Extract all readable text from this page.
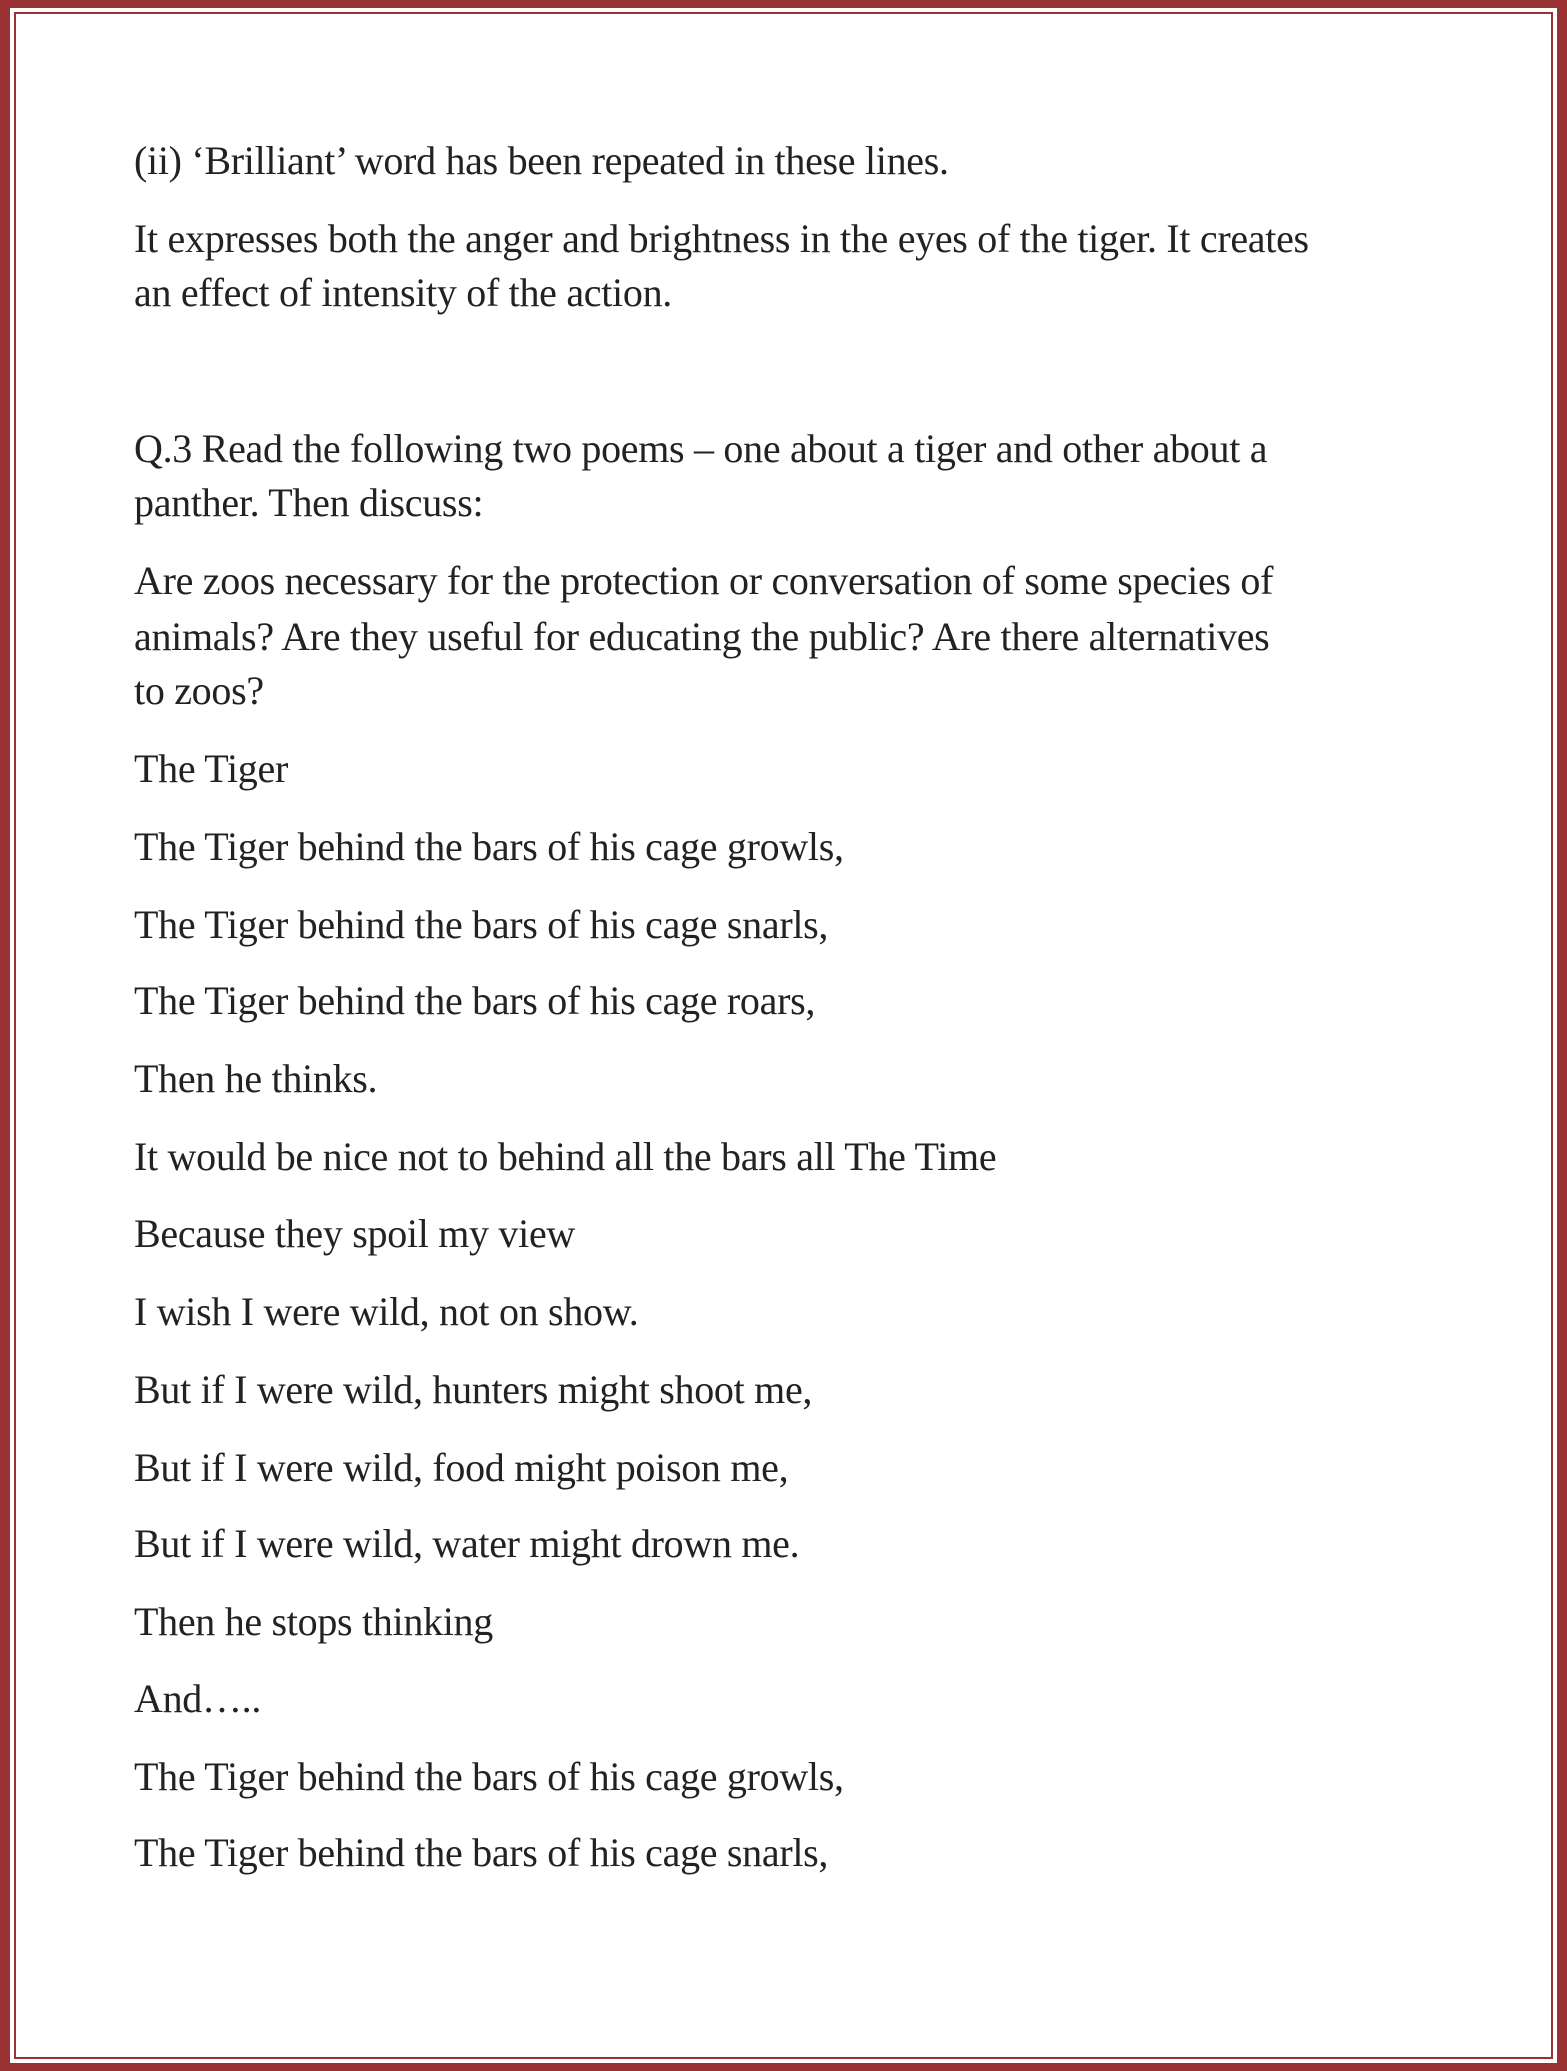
(ii) ‘Brilliant’ word has been repeated in these lines.
It expresses both the anger and brightness in the eyes of the tiger. It creates
an effect of intensity of the action.
Q.3 Read the following two poems – one about a tiger and other about a
panther. Then discuss:
Are zoos necessary for the protection or conversation of some species of
animals? Are they useful for educating the public? Are there alternatives
to zoos?
The Tiger
The Tiger behind the bars of his cage growls,
The Tiger behind the bars of his cage snarls,
The Tiger behind the bars of his cage roars,
Then he thinks.
It would be nice not to behind all the bars all The Time
Because they spoil my view
I wish I were wild, not on show.
But if I were wild, hunters might shoot me,
But if I were wild, food might poison me,
But if I were wild, water might drown me.
Then he stops thinking
And…..
The Tiger behind the bars of his cage growls,
The Tiger behind the bars of his cage snarls,
